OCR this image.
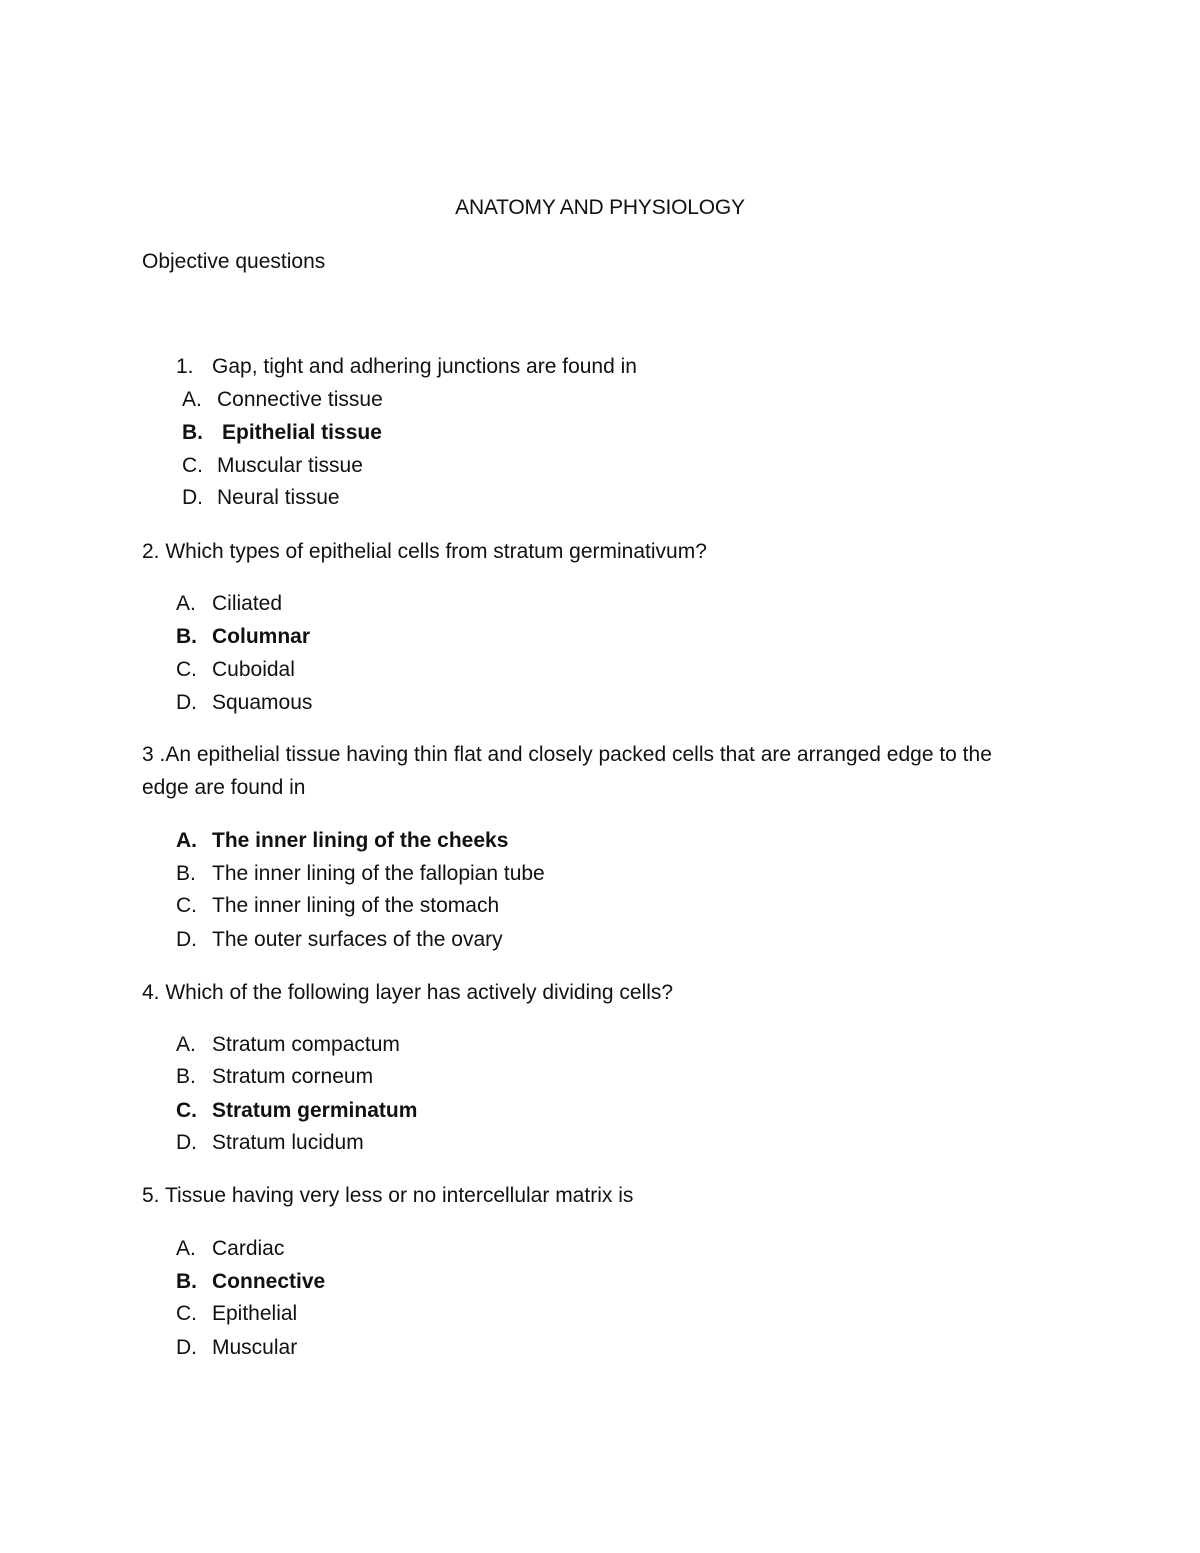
ANATOMY AND PHYSIOLOGY
Objective questions
1. Gap, tight and adhering junctions are found in
A. Connective tissue
B. Epithelial tissue
C. Muscular tissue
D. Neural tissue
2. Which types of epithelial cells from stratum germinativum?
A. Ciliated
B. Columnar
C. Cuboidal
D. Squamous
3 .An epithelial tissue having thin flat and closely packed cells that are arranged edge to the
edge are found in
A. The inner lining of the cheeks
B. The inner lining of the fallopian tube
C. The inner lining of the stomach
D. The outer surfaces of the ovary
4. Which of the following layer has actively dividing cells?
A. Stratum compactum
B. Stratum corneum
C. Stratum germinatum
D. Stratum lucidum
5. Tissue having very less or no intercellular matrix is
A. Cardiac
B. Connective
C. Epithelial
D. Muscular
